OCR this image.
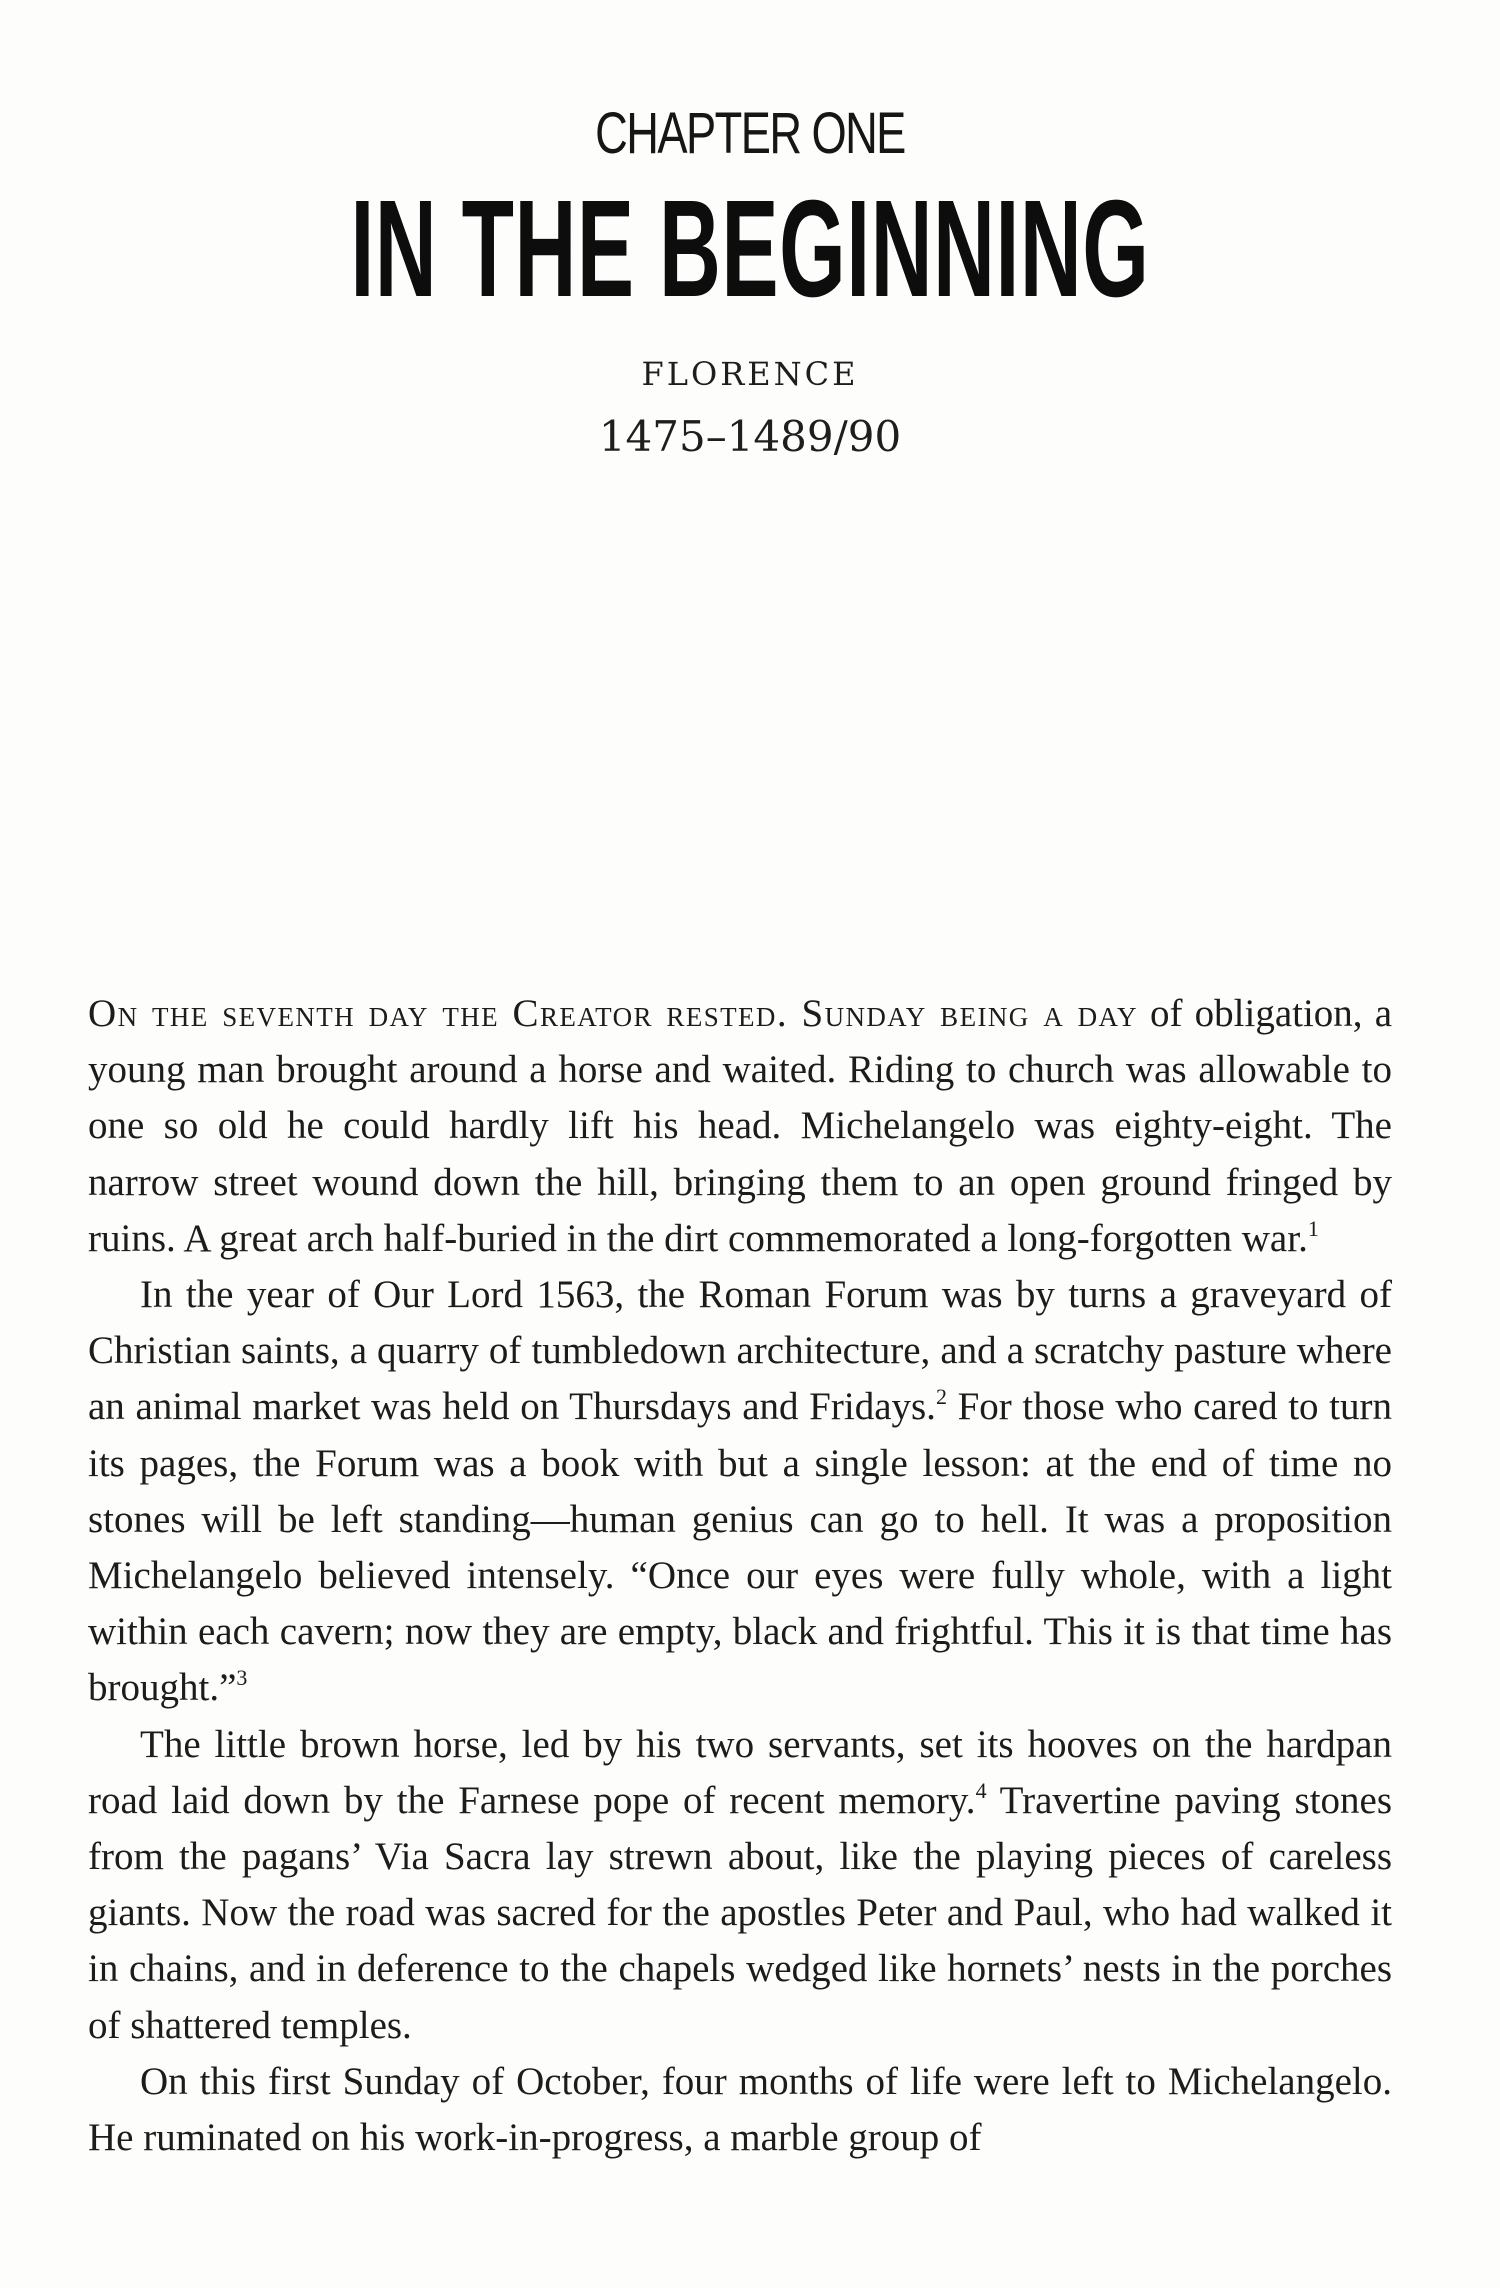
CHAPTER ONE
IN THE BEGINNING
FLORENCE
1475–1489/90

On the seventh day the Creator rested. Sunday being a day of obligation, a young man brought around a horse and waited. Riding to church was allowable to one so old he could hardly lift his head. Michelangelo was eighty-eight. The narrow street wound down the hill, bringing them to an open ground fringed by ruins. A great arch half-buried in the dirt commemorated a long-forgotten war.$^1$

In the year of Our Lord 1563, the Roman Forum was by turns a graveyard of Christian saints, a quarry of tumbledown architecture, and a scratchy pasture where an animal market was held on Thursdays and Fridays.$^2$ For those who cared to turn its pages, the Forum was a book with but a single lesson: at the end of time no stones will be left standing—human genius can go to hell. It was a proposition Michelangelo believed intensely. “Once our eyes were fully whole, with a light within each cavern; now they are empty, black and frightful. This it is that time has brought.”$^3$

The little brown horse, led by his two servants, set its hooves on the hardpan road laid down by the Farnese pope of recent memory.$^4$ Travertine paving stones from the pagans’ Via Sacra lay strewn about, like the playing pieces of careless giants. Now the road was sacred for the apostles Peter and Paul, who had walked it in chains, and in deference to the chapels wedged like hornets’ nests in the porches of shattered temples.

On this first Sunday of October, four months of life were left to Michelangelo. He ruminated on his work-in-progress, a marble group of
